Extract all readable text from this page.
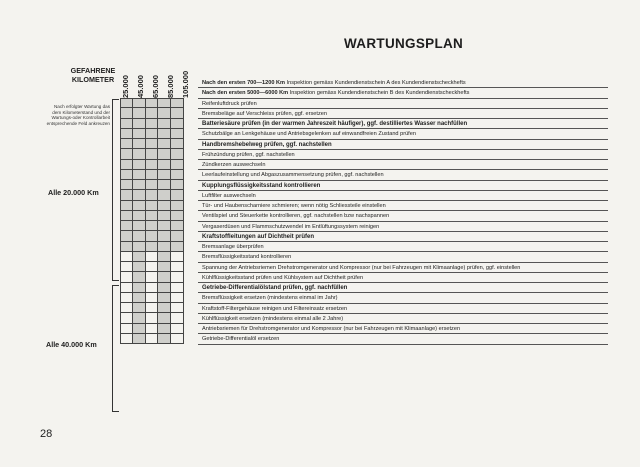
WARTUNGSPLAN
GEFAHRENE
KILOMETER 25.000 45.000 65.000 85.000 105.000
Nach erfolgter Wartung das dem Kilometerstand und der Wartungs-oder Kontrollarbeit entsprechende Feld ankreuzen
Alle 20.000 Km
Alle 40.000 Km
Nach den ersten 700—1200 Km Inspektion gemäss Kundendienstschein A des Kundendienstscheckhefts
Nach den ersten 5000—6000 Km Inspektion gemäss Kundendienstschein B des Kundendienstscheckhefts
Reifenluftdruck prüfen
Bremsbeläge auf Verschleiss prüfen, ggf. ersetzen
Batteriesäure prüfen (in der warmen Jahreszeit häufiger), ggf. destilliertes Wasser nachfüllen
Schutzbälge an Lenkgehäuse und Antriebsgelenken auf einwandfreien Zustand prüfen
Handbremshebelweg prüfen, ggf. nachstellen
Frühzündung prüfen, ggf. nachstellen
Zündkerzen auswechseln
Leerlaufeinstellung und Abgaszusammensetzung prüfen, ggf. nachstellen
Kupplungsflüssigkeitsstand kontrollieren
Luftfilter auswechseln
Tür- und Haubenscharniere schmieren; wenn nötig Schliessteile einstellen
Ventilspiel und Steuerkette kontrollieren, ggf. nachstellen bzw nachspannen
Vergaserdüsen und Flammschutzwendel im Entlüftungssystem reinigen
Kraftstoffleitungen auf Dichtheit prüfen
Bremsanlage überprüfen
Bremsflüssigkeitsstand kontrollieren
Spannung der Antriebsriemen Drehstromgenerator und Kompressor (nur bei Fahrzeugen mit Klimaanlage) prüfen, ggf. einstellen
Kühlflüssigkeitsstand prüfen und Kühlsystem auf Dichtheit prüfen
Getriebe-Differentialölstand prüfen, ggf. nachfüllen
Bremsflüssigkeit ersetzen (mindestens einmal im Jahr)
Kraftstoff-Filtergehäuse reinigen und Filtereinsatz ersetzen
Kühlflüssigkeit ersetzen (mindestens einmal alle 2 Jahre)
Antriebsriemen für Drehstromgenerator und Kompressor (nur bei Fahrzeugen mit Klimaanlage) ersetzen
Getriebe-Differentialöl ersetzen
28
